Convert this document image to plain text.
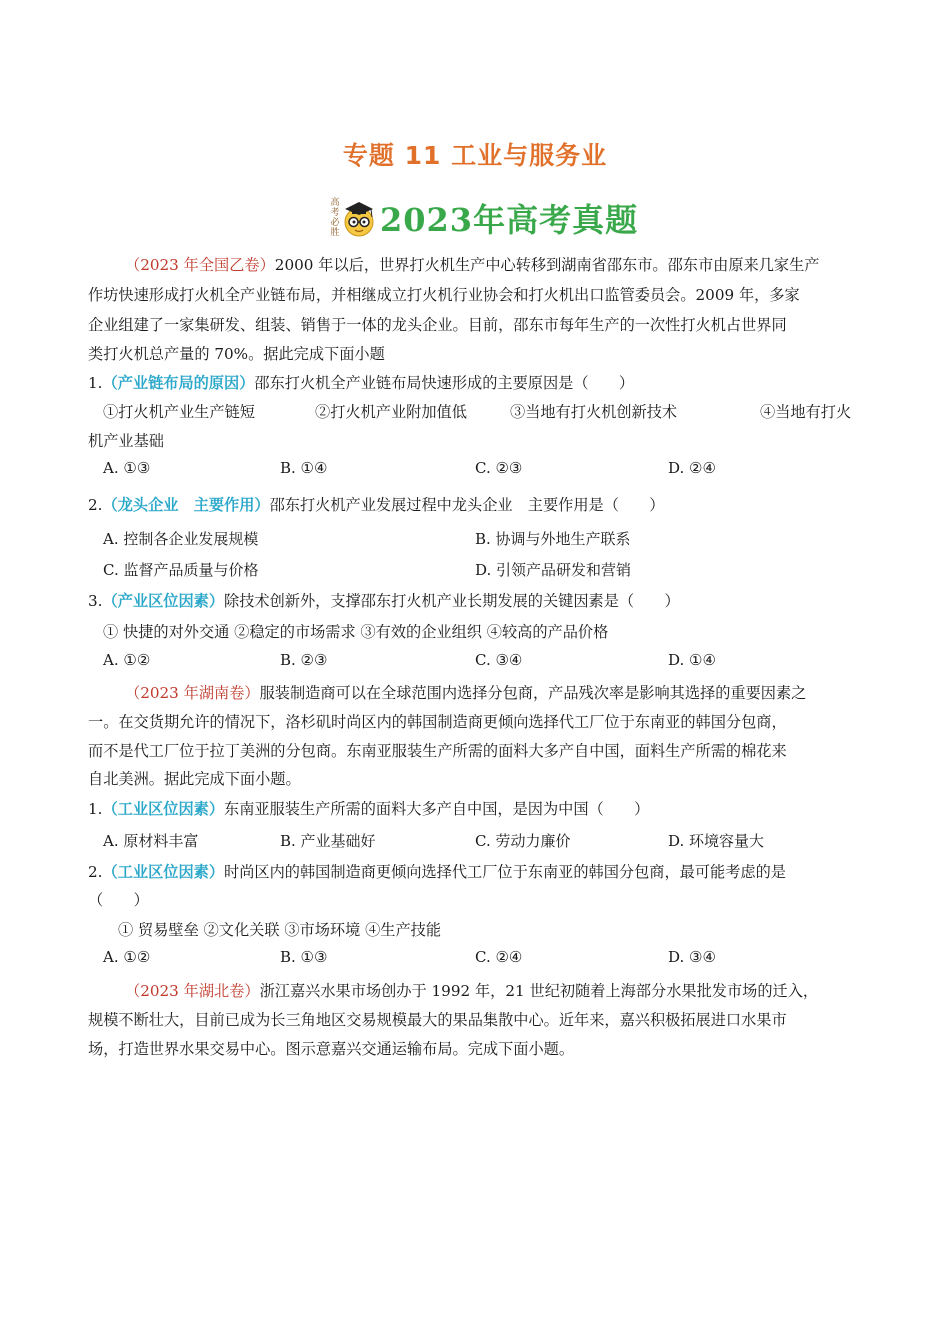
专题 11 工业与服务业
高
考
必
胜 2023年高考真题
（2023 年全国乙卷）2000 年以后，世界打火机生产中心转移到湖南省邵东市。邵东市由原来几家生产
作坊快速形成打火机全产业链布局，并相继成立打火机行业协会和打火机出口监管委员会。2009 年，多家
企业组建了一家集研发、组装、销售于一体的龙头企业。目前，邵东市每年生产的一次性打火机占世界同
类打火机总产量的 70%。据此完成下面小题
1.（产业链布局的原因）邵东打火机全产业链布局快速形成的主要原因是（　　）
①打火机产业生产链短	②打火机产业附加值低	③当地有打火机创新技术	④当地有打火
机产业基础
A. ①③	B. ①④	C. ②③	D. ②④
2.（龙头企业　主要作用）邵东打火机产业发展过程中龙头企业　主要作用是（　　）
A. 控制各企业发展规模	B. 协调与外地生产联系
C. 监督产品质量与价格	D. 引领产品研发和营销
3.（产业区位因素）除技术创新外，支撑邵东打火机产业长期发展的关键因素是（　　）
① 快捷的对外交通 ②稳定的市场需求 ③有效的企业组织 ④较高的产品价格
A. ①②	B. ②③	C. ③④	D. ①④
（2023 年湖南卷）服装制造商可以在全球范围内选择分包商，产品残次率是影响其选择的重要因素之
一。在交货期允许的情况下，洛杉矶时尚区内的韩国制造商更倾向选择代工厂位于东南亚的韩国分包商，
而不是代工厂位于拉丁美洲的分包商。东南亚服装生产所需的面料大多产自中国，面料生产所需的棉花来
自北美洲。据此完成下面小题。
1.（工业区位因素）东南亚服装生产所需的面料大多产自中国，是因为中国（　　）
A. 原材料丰富	B. 产业基础好	C. 劳动力廉价	D. 环境容量大
2.（工业区位因素）时尚区内的韩国制造商更倾向选择代工厂位于东南亚的韩国分包商，最可能考虑的是
（　　）
① 贸易壁垒 ②文化关联 ③市场环境 ④生产技能
A. ①②	B. ①③	C. ②④	D. ③④
（2023 年湖北卷）浙江嘉兴水果市场创办于 1992 年，21 世纪初随着上海部分水果批发市场的迁入，
规模不断壮大，目前已成为长三角地区交易规模最大的果品集散中心。近年来，嘉兴积极拓展进口水果市
场，打造世界水果交易中心。图示意嘉兴交通运输布局。完成下面小题。
